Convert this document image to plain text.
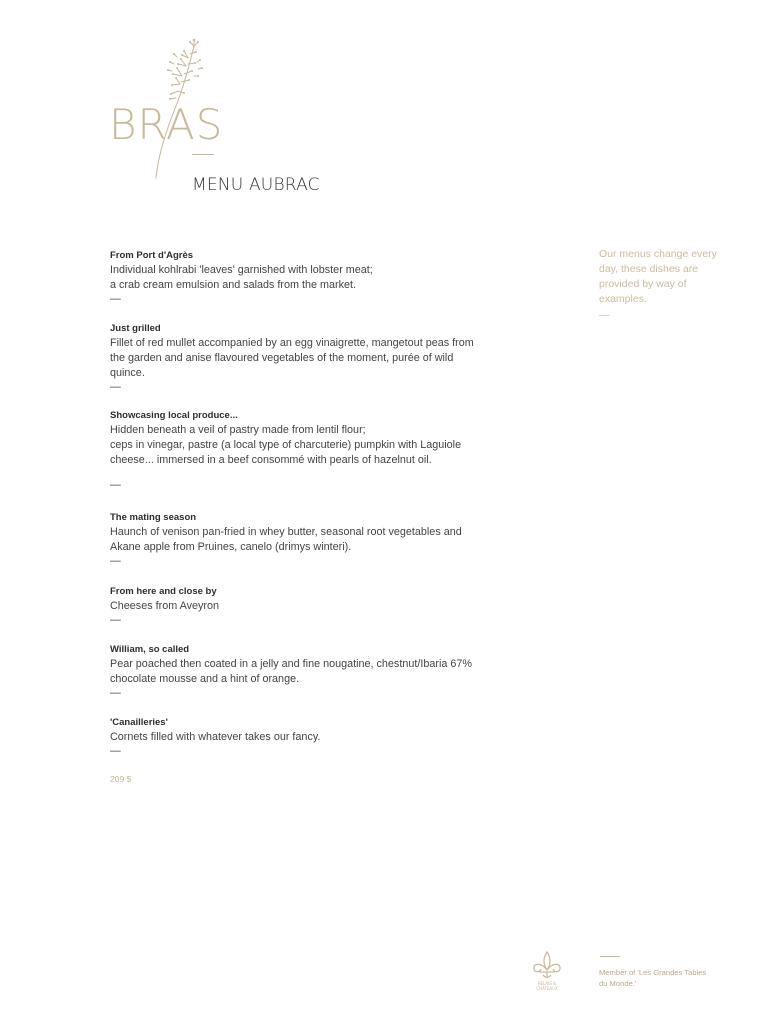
BRAS
MENU AUBRAC
From Port d'Agrès
Individual kohlrabi 'leaves' garnished with lobster meat;
a crab cream emulsion and salads from the market.
—
Just grilled
Fillet of red mullet accompanied by an egg vinaigrette, mangetout peas from
the garden and anise flavoured vegetables of the moment, purée of wild
quince.
—
Showcasing local produce...
Hidden beneath a veil of pastry made from lentil flour;
ceps in vinegar, pastre (a local type of charcuterie) pumpkin with Laguiole
cheese... immersed in a beef consommé with pearls of hazelnut oil.
—
The mating season
Haunch of venison pan-fried in whey butter, seasonal root vegetables and
Akane apple from Pruines, canelo (drimys winteri).
—
From here and close by
Cheeses from Aveyron
—
William, so called
Pear poached then coated in a jelly and fine nougatine, chestnut/Ibaria 67%
chocolate mousse and a hint of orange.
—
'Canailleries'
Cornets filled with whatever takes our fancy.
—
209 $
Our menus change every day, these dishes are provided by way of examples.
—
RELAIS &
CHÂTEAUX
Member of 'Les Grandes Tables du Monde.'
